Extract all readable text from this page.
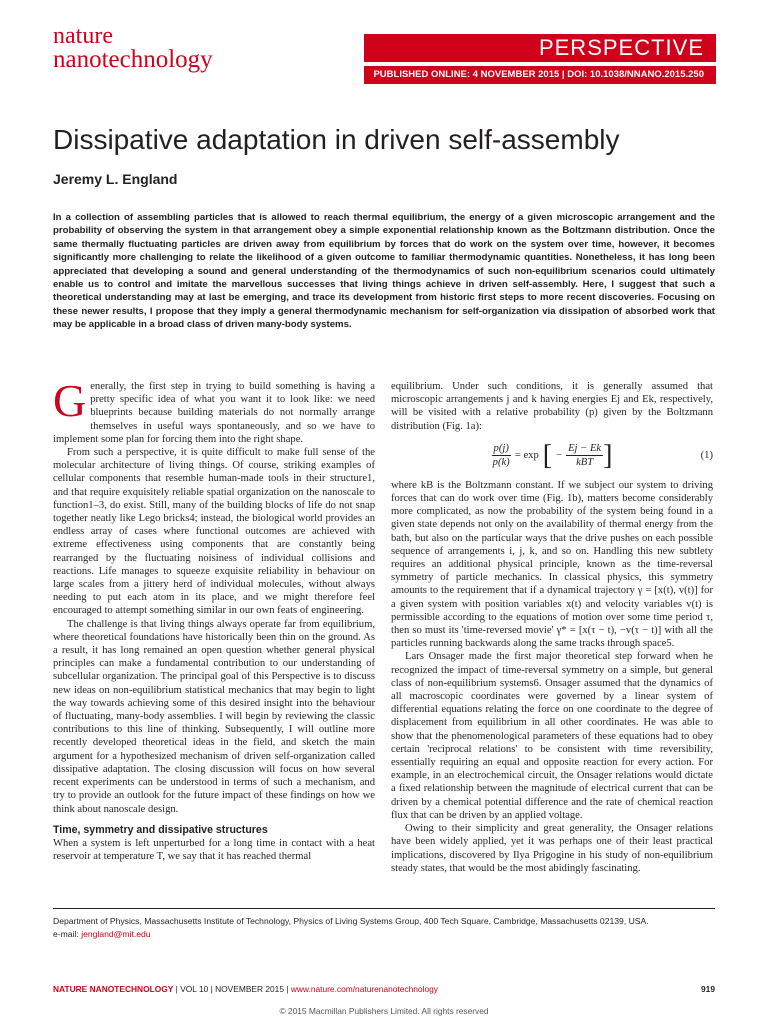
nature
nanotechnology	PERSPECTIVE
PUBLISHED ONLINE: 4 NOVEMBER 2015 | DOI: 10.1038/NNANO.2015.250
Dissipative adaptation in driven self-assembly
Jeremy L. England

In a collection of assembling particles that is allowed to reach thermal equilibrium, the energy of a given microscopic arrangement and the probability of observing the system in that arrangement obey a simple exponential relationship known as the Boltzmann distribution. Once the same thermally fluctuating particles are driven away from equilibrium by forces that do work on the system over time, however, it becomes significantly more challenging to relate the likelihood of a given outcome to familiar thermodynamic quantities. Nonetheless, it has long been appreciated that developing a sound and general understanding of the thermodynamics of such non-equilibrium scenarios could ultimately enable us to control and imitate the marvellous successes that living things achieve in driven self-assembly. Here, I suggest that such a theoretical understanding may at last be emerging, and trace its development from historic first steps to more recent discoveries. Focusing on these newer results, I propose that they imply a general thermodynamic mechanism for self-organization via dissipation of absorbed work that may be applicable in a broad class of driven many-body systems.

Generally, the first step in trying to build something is having a pretty specific idea of what you want it to look like: we need blueprints because building materials do not normally arrange themselves in useful ways spontaneously, and so we have to implement some plan for forcing them into the right shape.

From such a perspective, it is quite difficult to make full sense of the molecular architecture of living things. Of course, striking examples of cellular components that resemble human-made tools in their structure1, and that require exquisitely reliable spatial organization on the nanoscale to function1–3, do exist. Still, many of the building blocks of life do not snap together neatly like Lego bricks4; instead, the biological world provides an endless array of cases where functional outcomes are achieved with extreme effectiveness using components that are constantly being rearranged by the fluctuating noisiness of individual collisions and reactions. Life manages to squeeze exquisite reliability in behaviour on large scales from a jittery herd of individual molecules, without always needing to put each atom in its place, and we might therefore feel encouraged to attempt something similar in our own feats of engineering.

The challenge is that living things always operate far from equilibrium, where theoretical foundations have historically been thin on the ground. As a result, it has long remained an open question whether general physical principles can make a fundamental contribution to our understanding of subcellular organization. The principal goal of this Perspective is to discuss new ideas on non-equilibrium statistical mechanics that may begin to light the way towards achieving some of this desired insight into the behaviour of fluctuating, many-body assemblies. I will begin by reviewing the classic contributions to this line of thinking. Subsequently, I will outline more recently developed theoretical ideas in the field, and sketch the main argument for a hypothesized mechanism of driven self-organization called dissipative adaptation. The closing discussion will focus on how several recent experiments can be understood in terms of such a mechanism, and try to provide an outlook for the future impact of these findings on how we think about nanoscale design.

Time, symmetry and dissipative structures

When a system is left unperturbed for a long time in contact with a heat reservoir at temperature T, we say that it has reached thermal

equilibrium. Under such conditions, it is generally assumed that microscopic arrangements j and k having energies Ej and Ek, respectively, will be visited with a relative probability (p) given by the Boltzmann distribution (Fig. 1a):

$\frac{p(j)}{p(k)} = \exp$ [ − $\frac{Ej - Ek}{\text{kBT}}$ ]	(1)

where kB is the Boltzmann constant. If we subject our system to driving forces that can do work over time (Fig. 1b), matters become considerably more complicated, as now the probability of the system being found in a given state depends not only on the availability of thermal energy from the bath, but also on the particular ways that the drive pushes on each possible sequence of arrangements i, j, k, and so on. Handling this new subtlety requires an additional physical principle, known as the time-reversal symmetry of particle mechanics. In classical physics, this symmetry amounts to the requirement that if a dynamical trajectory γ = [x(t), v(t)] for a given system with position variables x(t) and velocity variables v(t) is permissible according to the equations of motion over some time period τ, then so must its 'time-reversed movie' γ* = [x(τ − t), −v(τ − t)] with all the particles running backwards along the same tracks through space5.

Lars Onsager made the first major theoretical step forward when he recognized the impact of time-reversal symmetry on a simple, but general class of non-equilibrium systems6. Onsager assumed that the dynamics of all macroscopic coordinates were governed by a linear system of differential equations relating the force on one coordinate to the degree of displacement from equilibrium in all other coordinates. He was able to show that the phenomenological parameters of these equations had to obey certain 'reciprocal relations' to be consistent with time reversibility, essentially requiring an equal and opposite reaction for every action. For example, in an electrochemical circuit, the Onsager relations would dictate a fixed relationship between the magnitude of electrical current that can be driven by a chemical potential difference and the rate of chemical reaction flux that can be driven by an applied voltage.

Owing to their simplicity and great generality, the Onsager relations have been widely applied, yet it was perhaps one of their least practical implications, discovered by Ilya Prigogine in his study of non-equilibrium steady states, that would be the most abidingly fascinating.

Department of Physics, Massachusetts Institute of Technology, Physics of Living Systems Group, 400 Tech Square, Cambridge, Massachusetts 02139, USA.
e-mail: jengland@mit.edu

NATURE NANOTECHNOLOGY | VOL 10 | NOVEMBER 2015 | www.nature.com/naturenanotechnology	919
© 2015 Macmillan Publishers Limited. All rights reserved
